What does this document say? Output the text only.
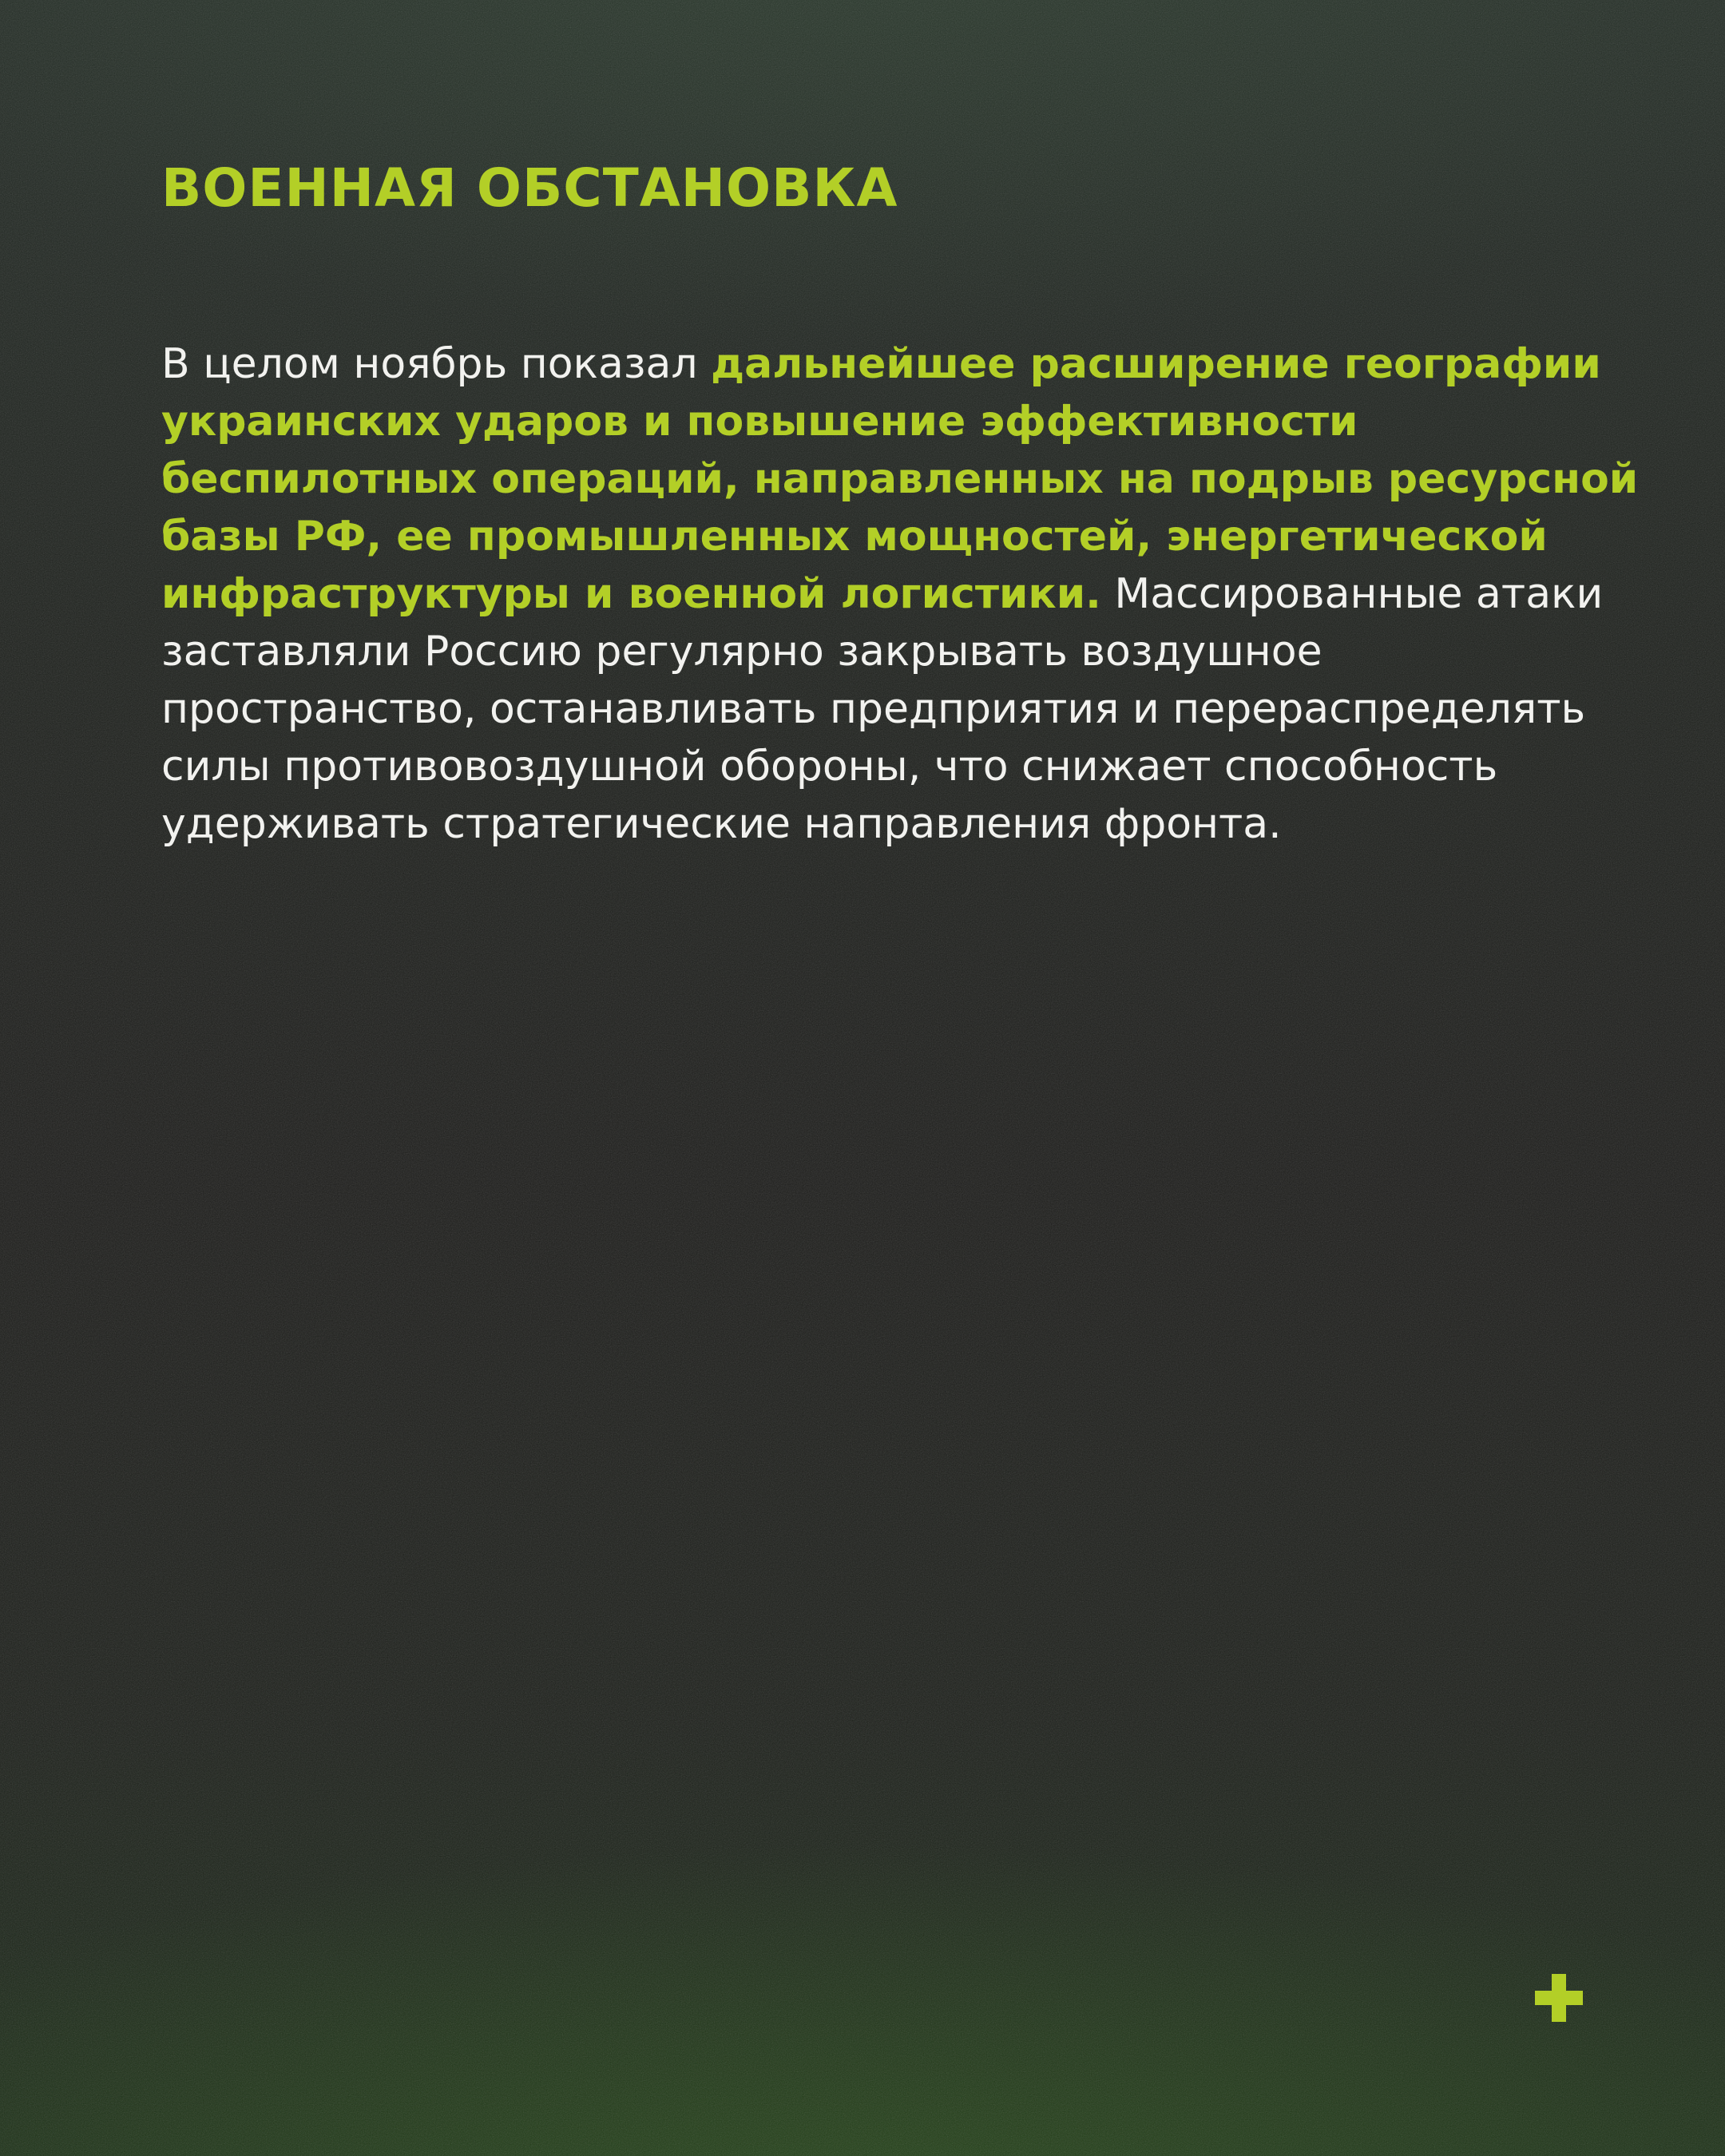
ВОЕННАЯ ОБСТАНОВКА

В целом ноябрь показал дальнейшее расширение географии украинских ударов и повышение эффективности беспилотных операций, направленных на подрыв ресурсной базы РФ, ее промышленных мощностей, энергетической инфраструктуры и военной логистики. Массированные атаки заставляли Россию регулярно закрывать воздушное пространство, останавливать предприятия и перераспределять силы противовоздушной обороны, что снижает способность удерживать стратегические направления фронта.
